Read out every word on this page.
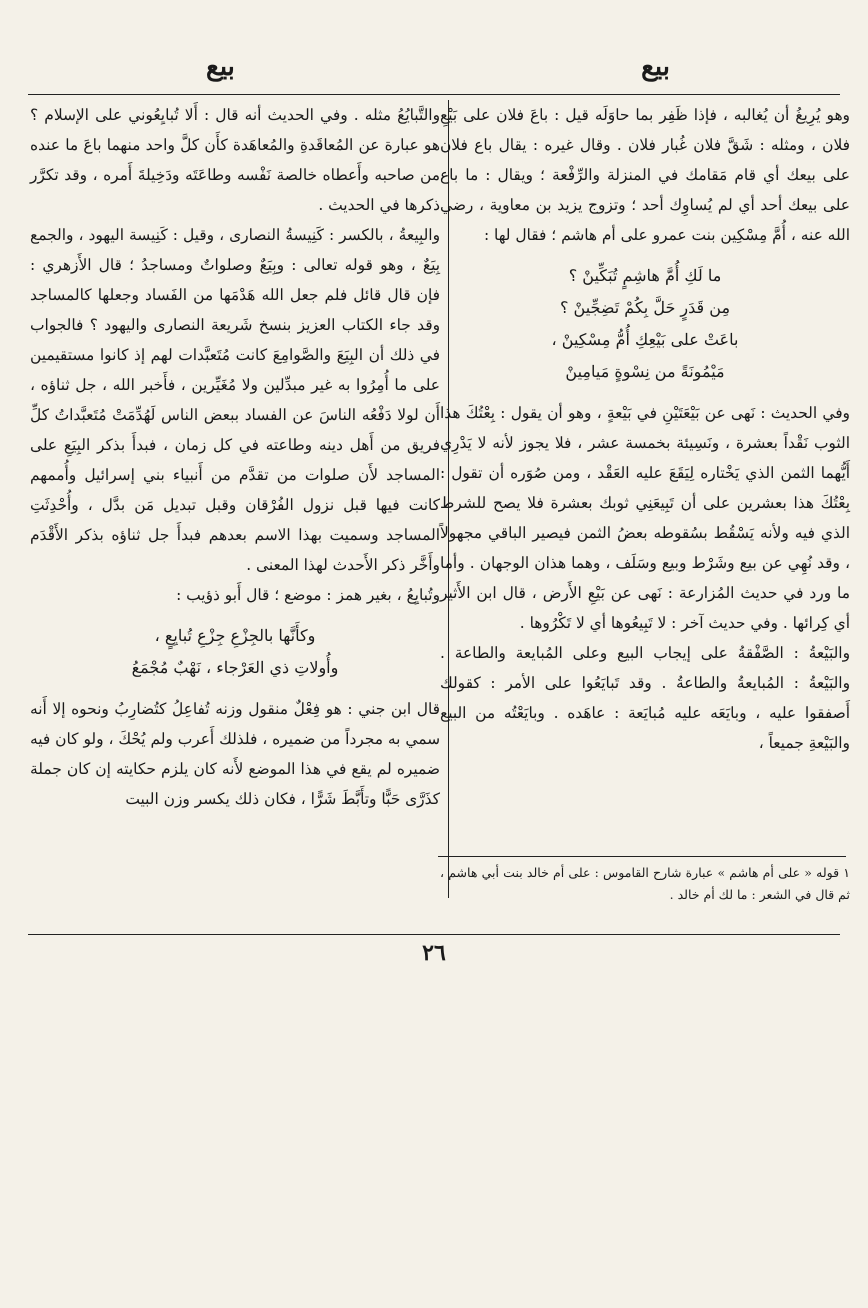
بيع
بيع

وهو يُرِيغُ أن يُغالبه ، فإذا ظَفِر بما حاوَلَه قيل : باعَ فلان على بَيْعِ فلان ، ومثله : شَقَّ فلان غُبار فلان . وقال غيره : يقال باع فلان على بيعك أي قام مَقامك في المنزلة والرِّفْعة ؛ ويقال : ما باع على بيعك أحد أي لم يُساوِك أحد ؛ وتزوج يزيد بن معاوية ، رضي الله عنه ، أُمَّ مِسْكِين بنت عمرو على أم هاشم ؛ فقال لها :

ما لَكِ أُمَّ هاشِمٍ تُبَكِّينْ ؟
مِن قَدَرٍ حَلَّ بِكُمْ تَضِجِّينْ ؟
باعَتْ على بَيْعِكِ أُمُّ مِسْكِينْ ،
مَيْمُونَةً من نِسْوةٍ مَيامِينْ

وفي الحديث : نَهى عن بَيْعَتَيْنِ في بَيْعةٍ ، وهو أن يقول : بِعْتُكَ هذا الثوب نَقْداً بعشرة ، ونَسِيئة بخمسة عشر ، فلا يجوز لأنه لا يَدْرِي أَيُّهما الثمن الذي يَخْتاره لِيَقَعَ عليه العَقْد ، ومن صُوَره أن تقول : بِعْتُكَ هذا بعشرين على أن تَبِيعَنِي ثوبك بعشرة فلا يصح للشرط الذي فيه ولأنه يَسْقُط بسُقوطه بعضُ الثمن فيصير الباقي مجهولاً ، وقد نُهِي عن بيع وشَرْط وبيع وسَلَف ، وهما هذان الوجهان . وأما ما ورد في حديث المُزارعة : نَهى عن بَيْعِ الأَرض ، قال ابن الأَثير أي كِرائها . وفي حديث آخر : لا تَبِيعُوها أي لا تَكْرُوها .

والبَيْعةُ : الصَّفْقةُ على إيجاب البيع وعلى المُبايعة والطاعة . والبَيْعةُ : المُبايعةُ والطاعةُ . وقد تَبايَعُوا على الأمر : كقولك أَصفقوا عليه ، وبايَعَه عليه مُبايَعة : عاهَده . وبايَعْتُه من البيع والبَيْعةِ جميعاً ،

والتَّبايُعُ مثله . وفي الحديث أنه قال : أَلا تُبايِعُوني على الإسلام ؟ هو عبارة عن المُعاقَدةِ والمُعاهَدة كأَن كلَّ واحد منهما باعَ ما عنده من صاحبه وأَعطاه خالصة نَفْسه وطاعَتَه ودَخِيلةَ أَمره ، وقد تكرَّر ذكرها في الحديث .

والبِيعةُ ، بالكسر : كَنِيسةُ النصارى ، وقيل : كَنِيسة اليهود ، والجمع بِيَعٌ ، وهو قوله تعالى : وبِيَعٌ وصلواتٌ ومساجدُ ؛ قال الأَزهري : فإن قال قائل فلم جعل الله هَدْمَها من الفَساد وجعلها كالمساجد وقد جاء الكتاب العزيز بنسخ شَريعة النصارى واليهود ؟ فالجواب في ذلك أن البِيَعَ والصَّوامِعَ كانت مُتَعبَّدات لهم إذ كانوا مستقيمين على ما أُمِرُوا به غير مبدِّلين ولا مُغَيِّرين ، فأَخبر الله ، جل ثناؤه ، أَن لولا دَفْعُه الناسَ عن الفساد ببعض الناس لَهُدِّمَتْ مُتَعبَّداتُ كلِّ فريق من أَهل دينه وطاعته في كل زمان ، فبدأَ بذكر البِيَعِ على المساجد لأَن صلوات من تقدَّم من أَنبياء بني إسرائيل وأُممهم كانت فيها قبل نزول الفُرْقان وقبل تبديل مَن بدَّل ، وأُحْدِثَتِ المساجد وسميت بهذا الاسم بعدهم فبدأَ جل ثناؤه بذكر الأَقْدَم وأَخَّر ذكر الأَحدث لهذا المعنى .

وتُبايِعُ ، بغير همز : موضع ؛ قال أَبو ذؤيب :

وكأَنَّها بالجِزْعِ جِزْعِ تُبايِعٍ ،
وأُولاتِ ذي العَرْجاء ، نَهْبٌ مُجْمَعُ

قال ابن جني : هو فِعْلٌ منقول وزنه تُفاعِلُ كتُضارِبُ ونحوه إلا أَنه سمي به مجرداً من ضميره ، فلذلك أَعرب ولم يُحْكَ ، ولو كان فيه ضميره لم يقع في هذا الموضع لأَنه كان يلزم حكايته إن كان جملة كذَرَّى حَبًّا وتأَبَّطَ شَرًّا ، فكان ذلك يكسر وزن البيت

١ قوله « على أم هاشم » عبارة شارح القاموس : على أم خالد بنت أبي هاشم ، ثم قال في الشعر : ما لك أم خالد .
٢٦
